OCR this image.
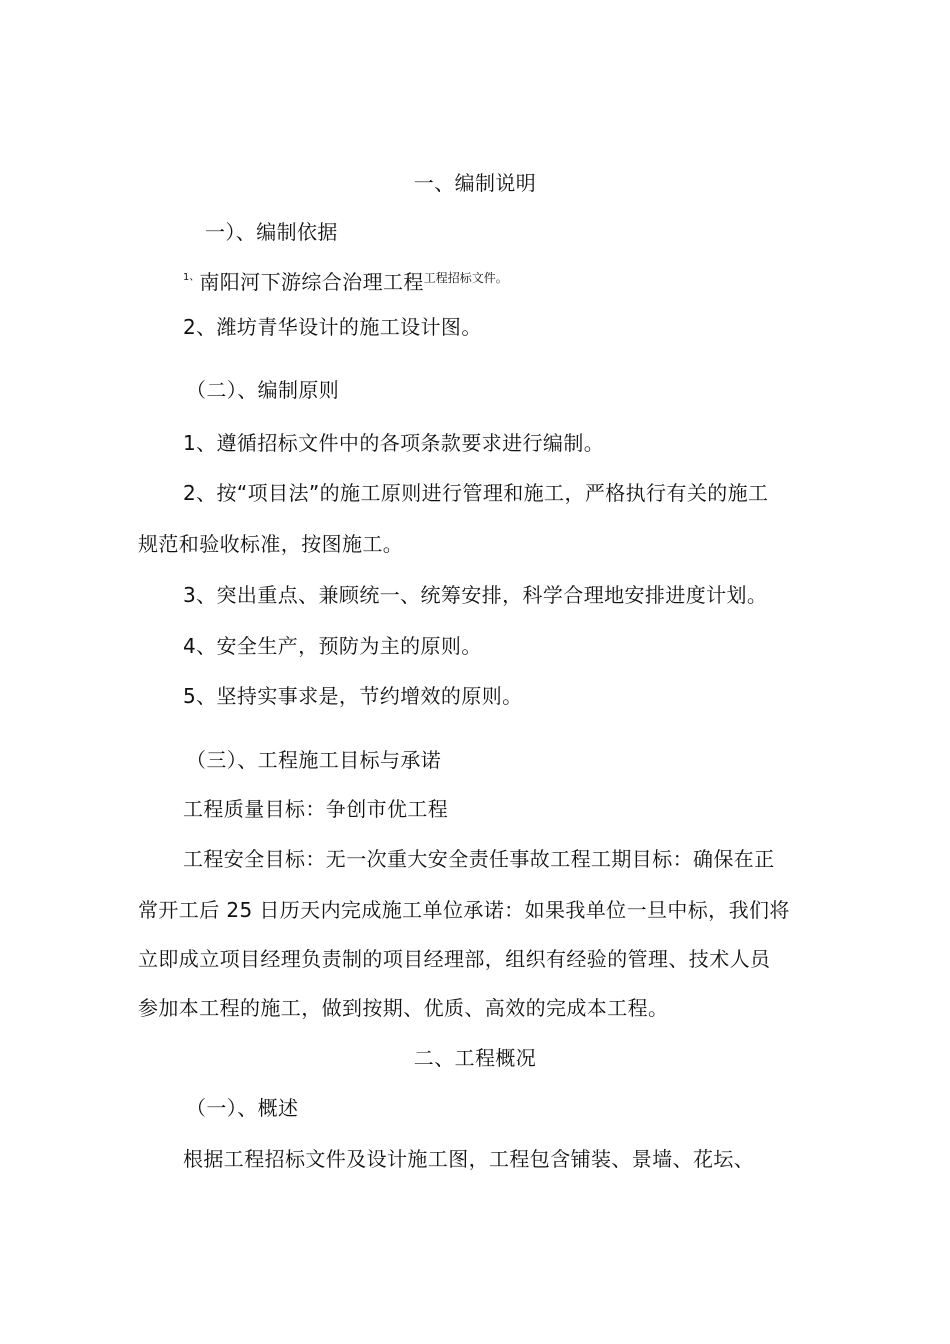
一、编制说明
一）、编制依据
$^{1、}$南阳河下游综合治理工程$^{工程招标文件。}$
2、潍坊青华设计的施工设计图。
（二）、编制原则
1、遵循招标文件中的各项条款要求进行编制。
2、按“项目法”的施工原则进行管理和施工，严格执行有关的施工
规范和验收标准，按图施工。
3、突出重点、兼顾统一、统筹安排，科学合理地安排进度计划。
4、安全生产，预防为主的原则。
5、坚持实事求是，节约增效的原则。
（三）、工程施工目标与承诺
工程质量目标：争创市优工程
工程安全目标：无一次重大安全责任事故工程工期目标：确保在正
常开工后 25 日历天内完成施工单位承诺：如果我单位一旦中标，我们将
立即成立项目经理负责制的项目经理部，组织有经验的管理、技术人员
参加本工程的施工，做到按期、优质、高效的完成本工程。
二、工程概况
（一）、概述
根据工程招标文件及设计施工图，工程包含铺装、景墙、花坛、
